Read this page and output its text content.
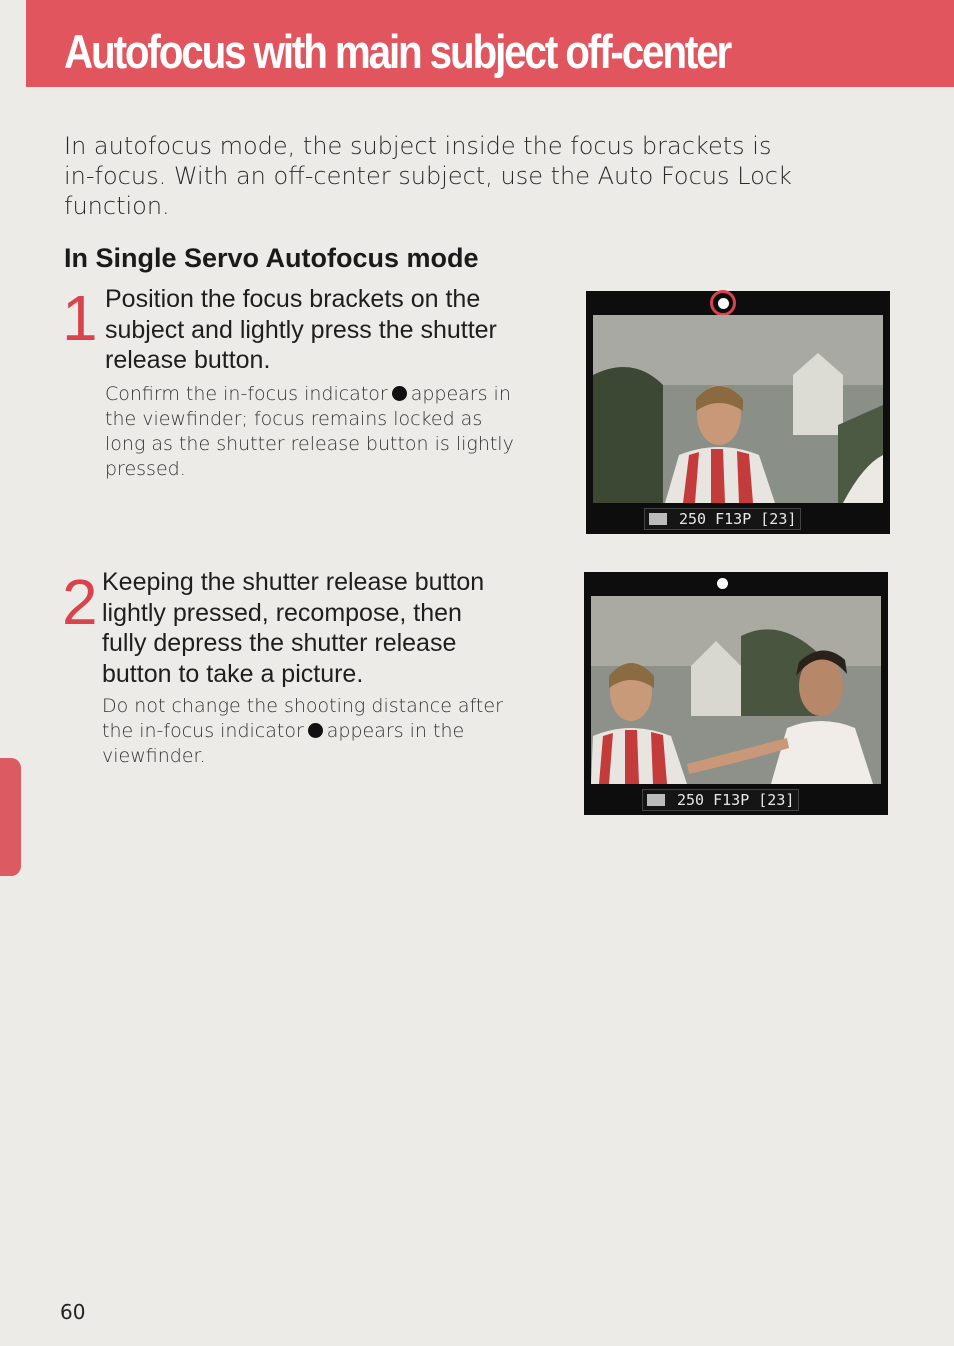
Autofocus with main subject off-center
In autofocus mode, the subject inside the focus brackets is
in-focus. With an off-center subject, use the Auto Focus Lock
function.
In Single Servo Autofocus mode
1 Position the focus brackets on the
subject and lightly press the shutter
release button.
Confirm the in-focus indicator appears in
the viewfinder; focus remains locked as
long as the shutter release button is lightly
pressed.
250 F13P [23]
2 Keeping the shutter release button
lightly pressed, recompose, then
fully depress the shutter release
button to take a picture.
Do not change the shooting distance after
the in-focus indicator appears in the
viewfinder.
250 F13P [23]
60
